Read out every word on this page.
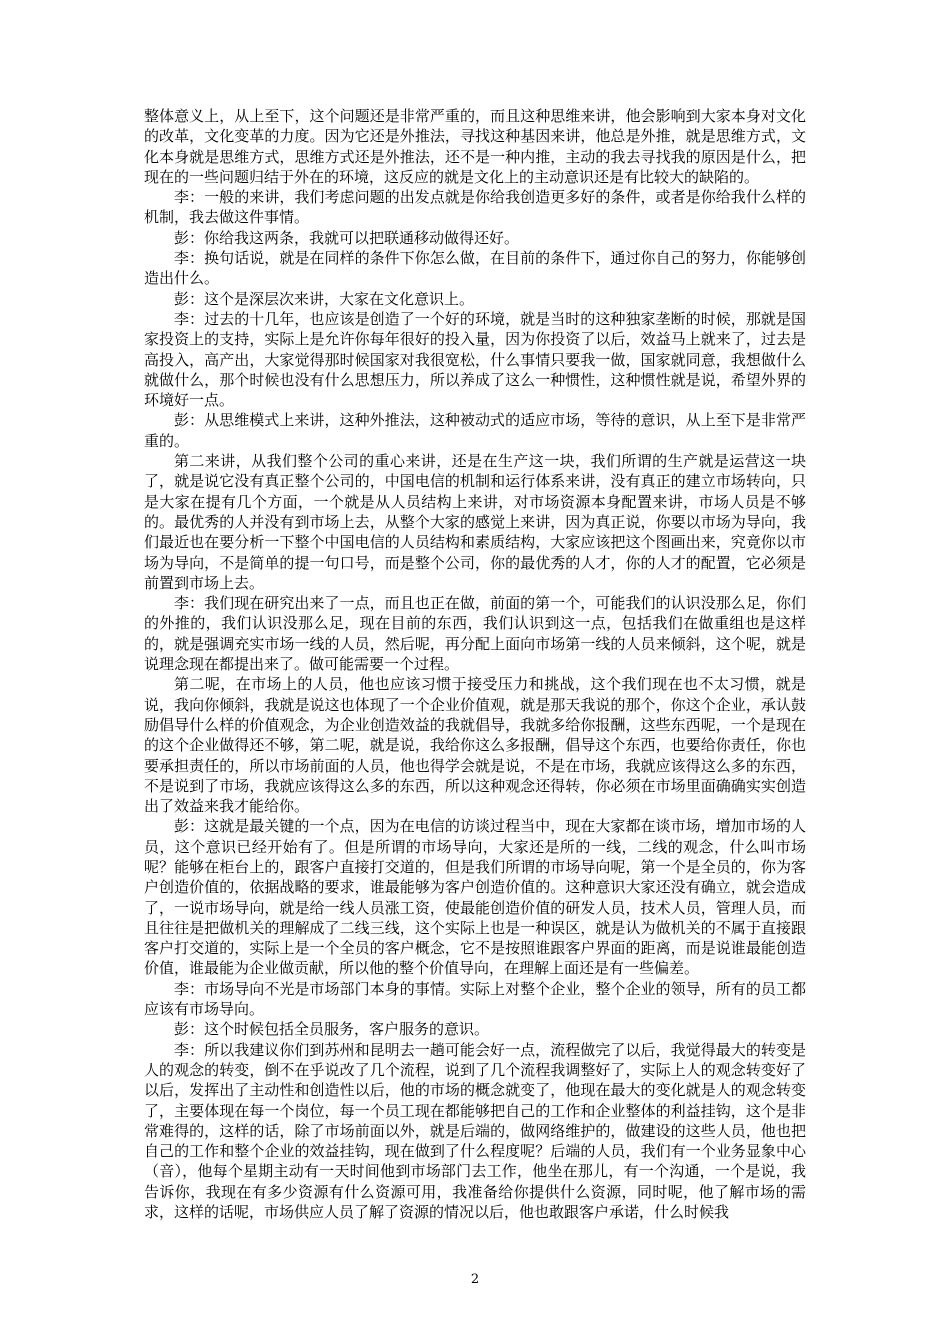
整体意义上，从上至下，这个问题还是非常严重的，而且这种思维来讲，他会影响到大家本身对文化的改革，文化变革的力度。因为它还是外推法，寻找这种基因来讲，他总是外推，就是思维方式，文化本身就是思维方式，思维方式还是外推法，还不是一种内推，主动的我去寻找我的原因是什么，把现在的一些问题归结于外在的环境，这反应的就是文化上的主动意识还是有比较大的缺陷的。

李：一般的来讲，我们考虑问题的出发点就是你给我创造更多好的条件，或者是你给我什么样的机制，我去做这件事情。

彭：你给我这两条，我就可以把联通移动做得还好。

李：换句话说，就是在同样的条件下你怎么做，在目前的条件下，通过你自己的努力，你能够创造出什么。

彭：这个是深层次来讲，大家在文化意识上。

李：过去的十几年，也应该是创造了一个好的环境，就是当时的这种独家垄断的时候，那就是国家投资上的支持，实际上是允许你每年很好的投入量，因为你投资了以后，效益马上就来了，过去是高投入，高产出，大家觉得那时候国家对我很宽松，什么事情只要我一做，国家就同意，我想做什么就做什么，那个时候也没有什么思想压力，所以养成了这么一种惯性，这种惯性就是说，希望外界的环境好一点。

彭：从思维模式上来讲，这种外推法，这种被动式的适应市场，等待的意识，从上至下是非常严重的。

第二来讲，从我们整个公司的重心来讲，还是在生产这一块，我们所谓的生产就是运营这一块了，就是说它没有真正整个公司的，中国电信的机制和运行体系来讲，没有真正的建立市场转向，只是大家在提有几个方面，一个就是从人员结构上来讲，对市场资源本身配置来讲，市场人员是不够的。最优秀的人并没有到市场上去，从整个大家的感觉上来讲，因为真正说，你要以市场为导向，我们最近也在要分析一下整个中国电信的人员结构和素质结构，大家应该把这个图画出来，究竟你以市场为导向，不是简单的提一句口号，而是整个公司，你的最优秀的人才，你的人才的配置，它必须是前置到市场上去。

李：我们现在研究出来了一点，而且也正在做，前面的第一个，可能我们的认识没那么足，你们的外推的，我们认识没那么足，现在目前的东西，我们认识到这一点，包括我们在做重组也是这样的，就是强调充实市场一线的人员，然后呢，再分配上面向市场第一线的人员来倾斜，这个呢，就是说理念现在都提出来了。做可能需要一个过程。

第二呢，在市场上的人员，他也应该习惯于接受压力和挑战，这个我们现在也不太习惯，就是说，我向你倾斜，我就是说这也体现了一个企业价值观，就是那天我说的那个，你这个企业，承认鼓励倡导什么样的价值观念，为企业创造效益的我就倡导，我就多给你报酬，这些东西呢，一个是现在的这个企业做得还不够，第二呢，就是说，我给你这么多报酬，倡导这个东西，也要给你责任，你也要承担责任的，所以市场前面的人员，他也得学会就是说，不是在市场，我就应该得这么多的东西，不是说到了市场，我就应该得这么多的东西，所以这种观念还得转，你必须在市场里面确确实实创造出了效益来我才能给你。

彭：这就是最关键的一个点，因为在电信的访谈过程当中，现在大家都在谈市场，增加市场的人员，这个意识已经开始有了。但是所谓的市场导向，大家还是所的一线，二线的观念，什么叫市场呢？能够在柜台上的，跟客户直接打交道的，但是我们所谓的市场导向呢，第一个是全员的，你为客户创造价值的，依据战略的要求，谁最能够为客户创造价值的。这种意识大家还没有确立，就会造成了，一说市场导向，就是给一线人员涨工资，使最能创造价值的研发人员，技术人员，管理人员，而且往往是把做机关的理解成了二线三线，这个实际上也是一种误区，就是认为做机关的不属于直接跟客户打交道的，实际上是一个全员的客户概念，它不是按照谁跟客户界面的距离，而是说谁最能创造价值，谁最能为企业做贡献，所以他的整个价值导向，在理解上面还是有一些偏差。

李：市场导向不光是市场部门本身的事情。实际上对整个企业，整个企业的领导，所有的员工都应该有市场导向。

彭：这个时候包括全员服务，客户服务的意识。

李：所以我建议你们到苏州和昆明去一趟可能会好一点，流程做完了以后，我觉得最大的转变是人的观念的转变，倒不在乎说改了几个流程，说到了几个流程我调整好了，实际上人的观念转变好了以后，发挥出了主动性和创造性以后，他的市场的概念就变了，他现在最大的变化就是人的观念转变了，主要体现在每一个岗位，每一个员工现在都能够把自己的工作和企业整体的利益挂钩，这个是非常难得的，这样的话，除了市场前面以外，就是后端的，做网络维护的，做建设的这些人员，他也把自己的工作和整个企业的效益挂钩，现在做到了什么程度呢？后端的人员，我们有一个业务显象中心（音），他每个星期主动有一天时间他到市场部门去工作，他坐在那儿，有一个沟通，一个是说，我告诉你，我现在有多少资源有什么资源可用，我准备给你提供什么资源，同时呢，他了解市场的需求，这样的话呢，市场供应人员了解了资源的情况以后，他也敢跟客户承诺，什么时候我

2
